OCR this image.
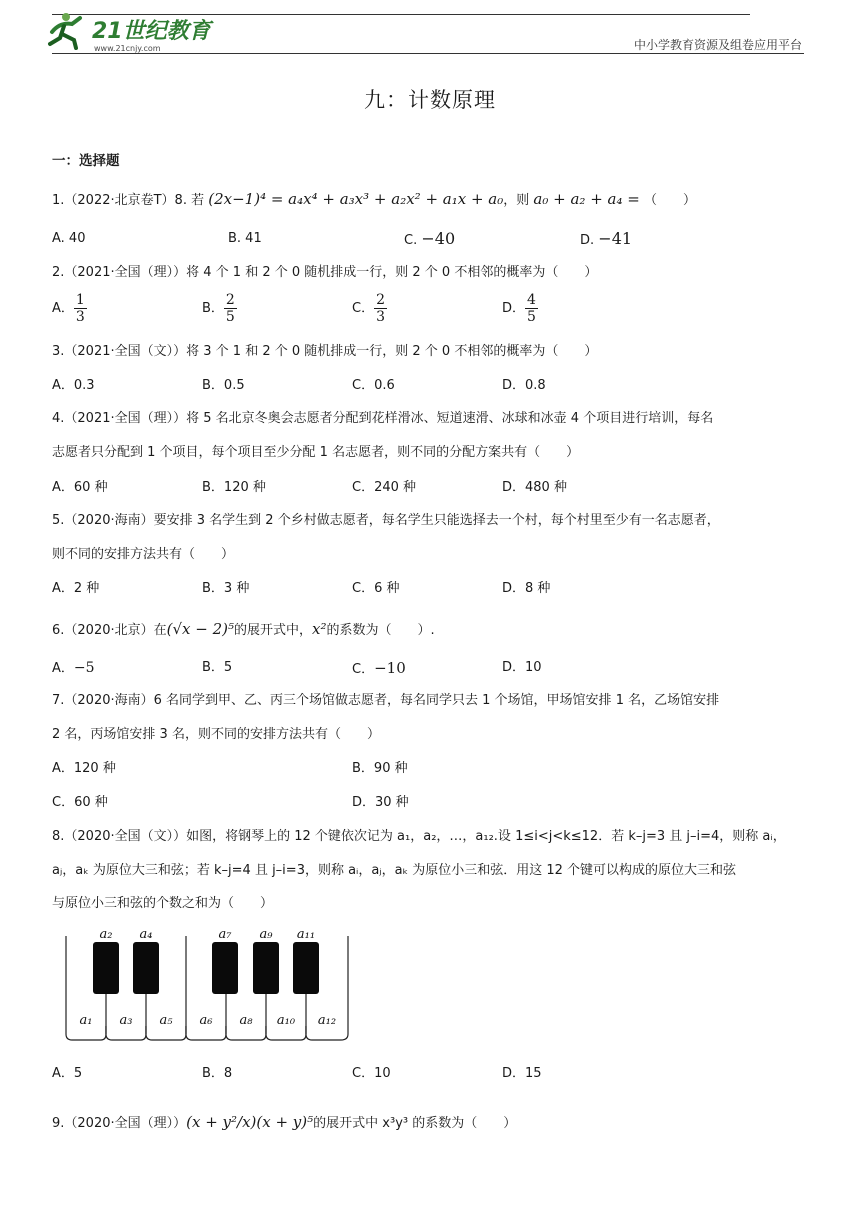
21世纪教育
www.21cnjy.com	中小学教育资源及组卷应用平台
九：计数原理
一：选择题
1.（2022·北京卷T）8. 若 (2x−1)⁴ = a₄x⁴ + a₃x³ + a₂x² + a₁x + a₀，则 a₀ + a₂ + a₄ = （　　）
A. 40	B. 41	C. −40	D. −41
2.（2021·全国（理））将 4 个 1 和 2 个 0 随机排成一行，则 2 个 0 不相邻的概率为（　　）
A． $\frac{1}{3}$	B． $\frac{2}{5}$	C． $\frac{2}{3}$	D． $\frac{4}{5}$
3.（2021·全国（文））将 3 个 1 和 2 个 0 随机排成一行，则 2 个 0 不相邻的概率为（　　）
A．0.3	B．0.5	C．0.6	D．0.8
4.（2021·全国（理））将 5 名北京冬奥会志愿者分配到花样滑冰、短道速滑、冰球和冰壶 4 个项目进行培训，每名
志愿者只分配到 1 个项目，每个项目至少分配 1 名志愿者，则不同的分配方案共有（　　）
A．60 种	B．120 种	C．240 种	D．480 种
5.（2020·海南）要安排 3 名学生到 2 个乡村做志愿者，每名学生只能选择去一个村，每个村里至少有一名志愿者，
则不同的安排方法共有（　　）
A．2 种	B．3 种	C．6 种	D．8 种
6.（2020·北京）在(√x − 2)⁵的展开式中，x²的系数为（　　）.
A．−5	B．5	C．−10	D．10
7.（2020·海南）6 名同学到甲、乙、丙三个场馆做志愿者，每名同学只去 1 个场馆，甲场馆安排 1 名，乙场馆安排
2 名，丙场馆安排 3 名，则不同的安排方法共有（　　）
A．120 种	B．90 种
C．60 种	D．30 种
8.（2020·全国（文））如图，将钢琴上的 12 个键依次记为 a₁，a₂，…，a₁₂.设 1≤i<j<k≤12．若 k–j=3 且 j–i=4，则称 aᵢ，
aⱼ，aₖ 为原位大三和弦；若 k–j=4 且 j–i=3，则称 aᵢ，aⱼ，aₖ 为原位小三和弦．用这 12 个键可以构成的原位大三和弦
与原位小三和弦的个数之和为（　　）
a₂ a₄	a₇ a₉ a₁₁
a₁ a₃ a₅ a₆ a₈ a₁₀ a₁₂
A．5	B．8	C．10	D．15
9.（2020·全国（理））(x + y²/x)(x + y)⁵的展开式中 x³y³ 的系数为（　　）
